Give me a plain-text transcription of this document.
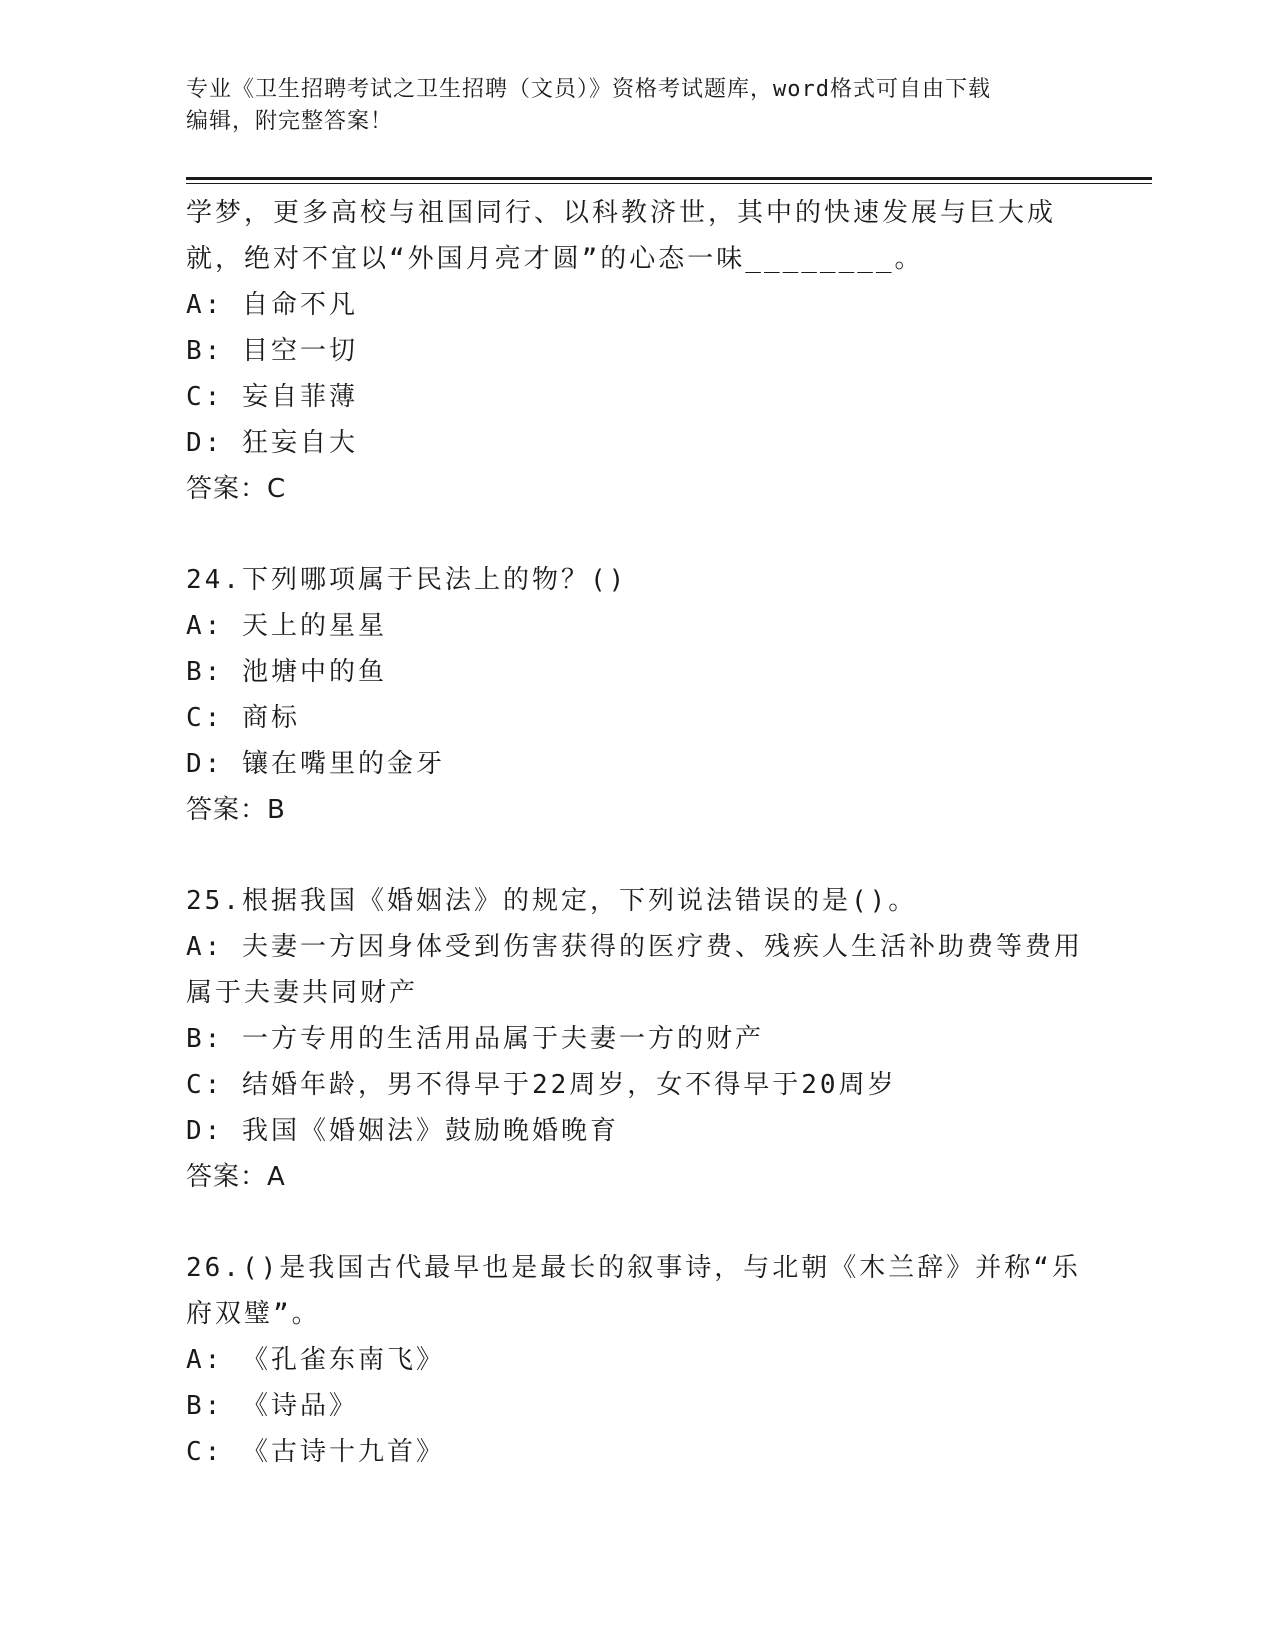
专业《卫生招聘考试之卫生招聘（文员）》资格考试题库，word格式可自由下载
编辑，附完整答案！
学梦，更多高校与祖国同行、以科教济世，其中的快速发展与巨大成
就，绝对不宜以“外国月亮才圆”的心态一味________。
A: 自命不凡
B: 目空一切
C: 妄自菲薄
D: 狂妄自大
答案：C
24.下列哪项属于民法上的物？()
A: 天上的星星
B: 池塘中的鱼
C: 商标
D: 镶在嘴里的金牙
答案：B
25.根据我国《婚姻法》的规定，下列说法错误的是()。
A: 夫妻一方因身体受到伤害获得的医疗费、残疾人生活补助费等费用
属于夫妻共同财产
B: 一方专用的生活用品属于夫妻一方的财产
C: 结婚年龄，男不得早于22周岁，女不得早于20周岁
D: 我国《婚姻法》鼓励晚婚晚育
答案：A
26.()是我国古代最早也是最长的叙事诗，与北朝《木兰辞》并称“乐
府双璧”。
A: 《孔雀东南飞》
B: 《诗品》
C: 《古诗十九首》
